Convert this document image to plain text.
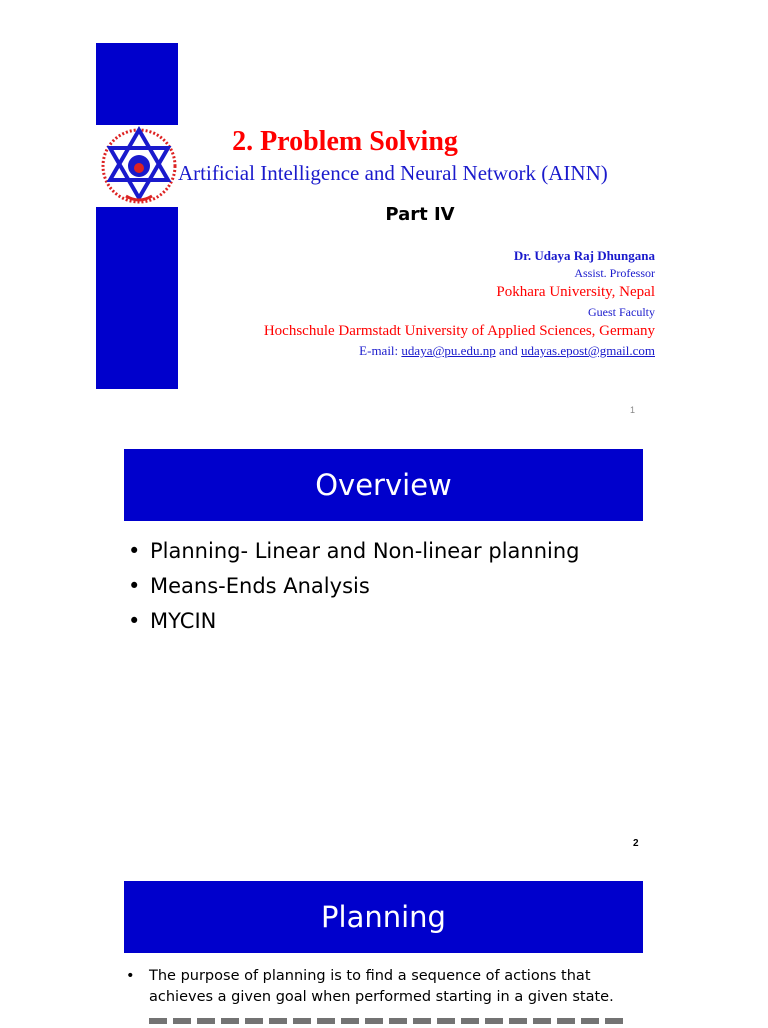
2. Problem Solving
Artificial Intelligence and Neural Network (AINN)
Part IV
Dr. Udaya Raj Dhungana
Assist. Professor
Pokhara University, Nepal
Guest Faculty
Hochschule Darmstadt University of Applied Sciences, Germany
E-mail: udaya@pu.edu.np and udayas.epost@gmail.com
1
Overview
• Planning- Linear and Non-linear planning
• Means-Ends Analysis
• MYCIN
2
Planning
• The purpose of planning is to find a sequence of actions that achieves a given goal when performed starting in a given state.
